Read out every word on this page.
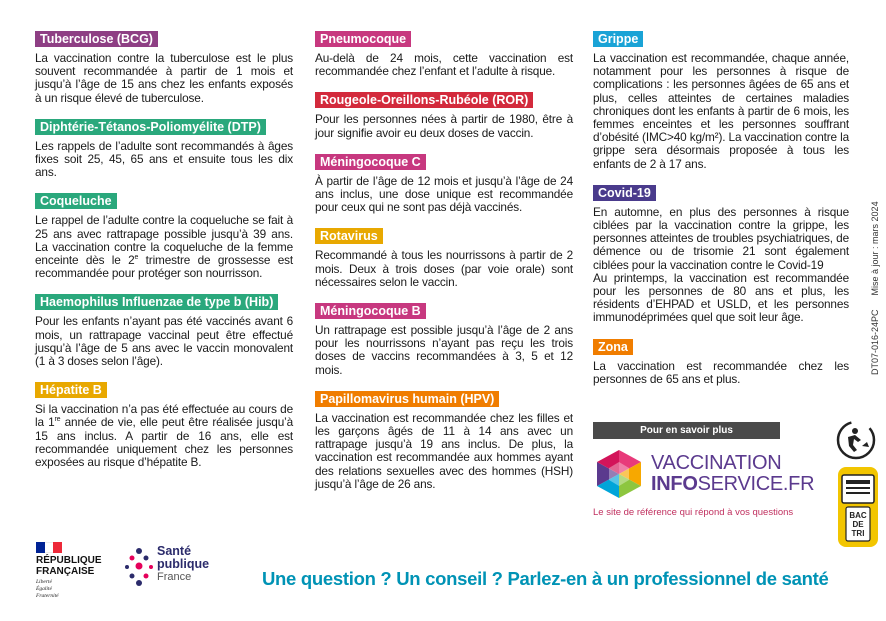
Tuberculose (BCG)

La vaccination contre la tuberculose est le plus souvent recommandée à partir de 1 mois et jusqu’à l’âge de 15 ans chez les enfants exposés à un risque élevé de tuberculose.

Diphtérie-Tétanos-Poliomyélite (DTP)

Les rappels de l’adulte sont recommandés à âges fixes soit 25, 45, 65 ans et ensuite tous les dix ans.

Coqueluche

Le rappel de l’adulte contre la coqueluche se fait à 25 ans avec rattrapage possible jusqu’à 39 ans. La vaccination contre la coqueluche de la femme enceinte dès le 2e trimestre de grossesse est recommandée pour protéger son nourrisson.

Haemophilus Influenzae de type b (Hib)

Pour les enfants n’ayant pas été vaccinés avant 6 mois, un rattrapage vaccinal peut être effectué jusqu’à l’âge de 5 ans avec le vaccin monovalent (1 à 3 doses selon l’âge).

Hépatite B

Si la vaccination n’a pas été effectuée au cours de la 1re année de vie, elle peut être réalisée jusqu’à 15 ans inclus. A partir de 16 ans, elle est recommandée uniquement chez les personnes exposées au risque d’hépatite B.

Pneumocoque

Au-delà de 24 mois, cette vaccination est recommandée chez l’enfant et l’adulte à risque.

Rougeole-Oreillons-Rubéole (ROR)

Pour les personnes nées à partir de 1980, être à jour signifie avoir eu deux doses de vaccin.

Méningocoque C

À partir de l’âge de 12 mois et jusqu’à l’âge de 24 ans inclus, une dose unique est recommandée pour ceux qui ne sont pas déjà vaccinés.

Rotavirus

Recommandé à tous les nourrissons à partir de 2 mois. Deux à trois doses (par voie orale) sont nécessaires selon le vaccin.

Méningocoque B

Un rattrapage est possible jusqu’à l’âge de 2 ans pour les nourrissons n’ayant pas reçu les trois doses de vaccins recommandées à 3, 5 et 12 mois.

Papillomavirus humain (HPV)

La vaccination est recommandée chez les filles et les garçons âgés de 11 à 14 ans avec un rattrapage jusqu’à 19 ans inclus. De plus, la vaccination est recommandée aux hommes ayant des relations sexuelles avec des hommes (HSH) jusqu’à l’âge de 26 ans.

Grippe

La vaccination est recommandée, chaque année, notamment pour les personnes à risque de complications : les personnes âgées de 65 ans et plus, celles atteintes de certaines maladies chroniques dont les enfants à partir de 6 mois, les femmes enceintes et les personnes souffrant d’obésité (IMC>40 kg/m²). La vaccination contre la grippe sera désormais proposée à tous les enfants de 2 à 17 ans.

Covid-19

En automne, en plus des personnes à risque ciblées par la vaccination contre la grippe, les personnes atteintes de troubles psychiatriques, de démence ou de trisomie 21 sont également ciblées pour la vaccination contre le Covid-19

Au printemps, la vaccination est recommandée pour les personnes de 80 ans et plus, les résidents d’EHPAD et USLD, et les personnes immunodéprimées quel que soit leur âge.

Zona

La vaccination est recommandée chez les personnes de 65 ans et plus.

Pour en savoir plus
VACCINATION
INFOSERVICE.FR
Le site de référence qui répond à vos questions
RÉPUBLIQUE
FRANÇAISE
Liberté
Égalité
Fraternité
Santé
publique
France	Une question ? Un conseil ? Parlez-en à un professionnel de santé
DT07-016-24PCMise à jour : mars 2024
BAC
DE
TRI
